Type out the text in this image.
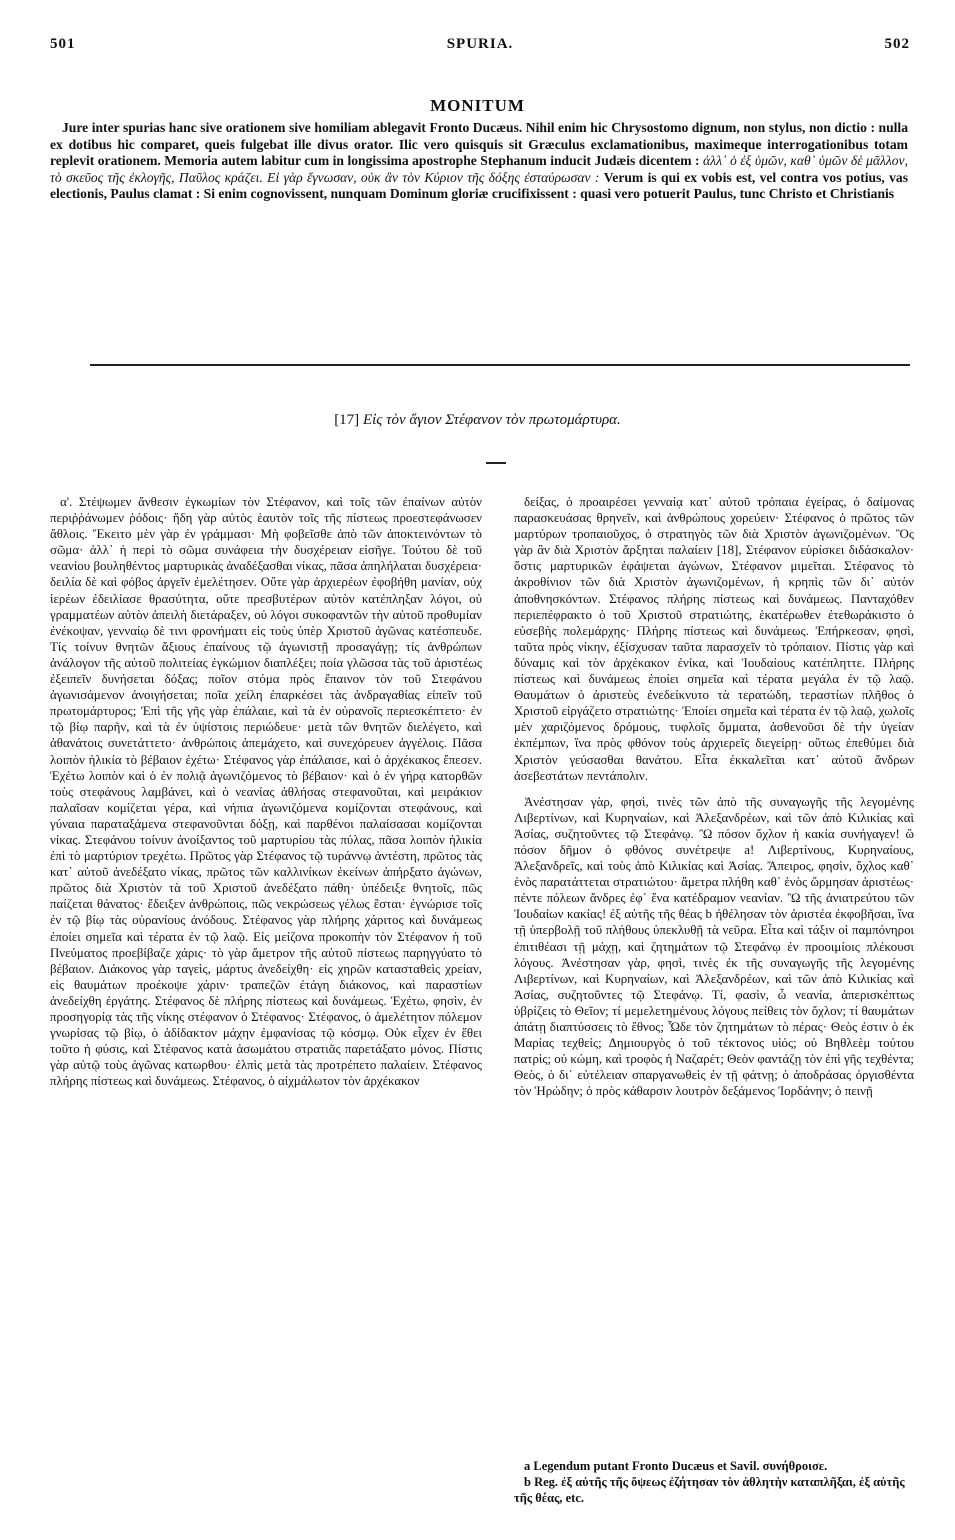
501	SPURIA.	502
MONITUM

Jure inter spurias hanc sive orationem sive homiliam ablegavit Fronto Ducæus. Nihil enim hic Chrysostomo dignum, non stylus, non dictio : nulla ex dotibus hic comparet, queis fulgebat ille divus orator. Ilic vero quisquis sit Græculus exclamationibus, maximeque interrogationibus totam replevit orationem. Memoria autem labitur cum in longissima apostrophe Stephanum inducit Judæis dicentem : ἀλλ᾽ ὁ ἐξ ὑμῶν, καθ᾽ ὑμῶν δὲ μᾶλλον, τὸ σκεῦος τῆς ἐκλογῆς, Παῦλος κράζει. Εἰ γὰρ ἔγνωσαν, οὐκ ἂν τὸν Κύριον τῆς δόξης ἐσταύρωσαν : Verum is qui ex vobis est, vel contra vos potius, vas electionis, Paulus clamat : Si enim cognovissent, nunquam Dominum gloriæ crucifixissent : quasi vero potuerit Paulus, tunc Christo et Christianis

[17] Εἰς τὸν ἅγιον Στέφανον τὸν πρωτομάρτυρα.

α'. Στέψωμεν ἄνθεσιν ἐγκωμίων τὸν Στέφανον, καὶ τοῖς τῶν ἐπαίνων αὐτὸν περιῤῥάνωμεν ῥόδοις· ἤδη γὰρ αὐτὸς ἑαυτὸν τοῖς τῆς πίστεως προεστεφάνωσεν ἄθλοις. Ἔκειτο μὲν γὰρ ἐν γράμμασι· Μὴ φοβεῖσθε ἀπὸ τῶν ἀποκτεινόντων τὸ σῶμα· ἀλλ᾽ ἡ περὶ τὸ σῶμα συνάφεια τὴν δυσχέρειαν εἰσῆγε. Τούτου δὲ τοῦ νεανίου βουληθέντος μαρτυρικὰς ἀναδέξασθαι νίκας, πᾶσα ἀπηλήλαται δυσχέρεια· δειλία δὲ καὶ φόβος ἀργεῖν ἐμελέτησεν. Οὔτε γὰρ ἀρχιερέων ἐφοβήθη μανίαν, οὐχ ἱερέων ἐδειλίασε θρασύτητα, οὔτε πρεσβυτέρων αὐτὸν κατέπληξαν λόγοι, οὐ γραμματέων αὐτὸν ἀπειλὴ διετάραξεν, οὐ λόγοι συκοφαντῶν τὴν αὐτοῦ προθυμίαν ἐνέκοψαν, γενναίῳ δὲ τινι φρονήματι εἰς τοὺς ὑπὲρ Χριστοῦ ἀγῶνας κατέσπευδε. Τίς τοίνυν θνητῶν ἄξιους ἐπαίνους τῷ ἀγωνιστῇ προσαγάγῃ; τίς ἀνθρώπων ἀνάλογον τῆς αὐτοῦ πολιτείας ἐγκώμιον διαπλέξει; ποία γλῶσσα τὰς τοῦ ἀριστέως ἐξειπεῖν δυνήσεται δόξας; ποῖον στόμα πρὸς ἔπαινον τὸν τοῦ Στεφάνου ἀγωνισάμενον ἀνοιγήσεται; ποῖα χείλη ἐπαρκέσει τὰς ἀνδραγαθίας εἰπεῖν τοῦ πρωτομάρτυρος; Ἐπὶ τῆς γῆς γὰρ ἐπάλαιε, καὶ τὰ ἐν οὐρανοῖς περιεσκέπτετο· ἐν τῷ βίῳ παρῆν, καὶ τὰ ἐν ὑψίστοις περιώδευε· μετὰ τῶν θνητῶν διελέγετο, καὶ ἀθανάτοις συνετάττετο· ἀνθρώποις ἀπεμάχετο, καὶ συνεχόρευεν ἀγγέλοις. Πᾶσα λοιπὸν ἡλικία τὸ βέβαιον ἐχέτω· Στέφανος γὰρ ἐπάλαισε, καὶ ὁ ἀρχέκακος ἔπεσεν. Ἐχέτω λοιπὸν καὶ ὁ ἐν πολιᾷ ἀγωνιζόμενος τὸ βέβαιον· καὶ ὁ ἐν γήρᾳ κατορθῶν τοὺς στεφάνους λαμβάνει, καὶ ὁ νεανίας ἀθλήσας στεφανοῦται, καὶ μειράκιον παλαῖσαν κομίζεται γέρα, καὶ νήπια ἀγωνιζόμενα κομίζονται στεφάνους, καὶ γύναια παραταξάμενα στεφανοῦνται δόξῃ, καὶ παρθένοι παλαίσασαι κομίζονται νίκας. Στεφάνου τοίνυν ἀνοίξαντος τοῦ μαρτυρίου τὰς πύλας, πᾶσα λοιπὸν ἡλικία ἐπὶ τὸ μαρτύριον τρεχέτω. Πρῶτος γὰρ Στέφανος τῷ τυράννῳ ἀντέστη, πρῶτος τὰς κατ᾽ αὐτοῦ ἀνεδέξατο νίκας, πρῶτος τῶν καλλινίκων ἐκείνων ἀπήρξατο ἀγώνων, πρῶτος διὰ Χριστὸν τὰ τοῦ Χριστοῦ ἀνεδέξατο πάθη· ὑπέδειξε θνητοῖς, πῶς παίζεται θάνατος· ἔδειξεν ἀνθρώποις, πῶς νεκρώσεως γέλως ἔσται· ἐγνώρισε τοῖς ἐν τῷ βίῳ τὰς οὐρανίους ἀνόδους. Στέφανος γὰρ πλήρης χάριτος καὶ δυνάμεως ἐποίει σημεῖα καὶ τέρατα ἐν τῷ λαῷ. Εἰς μείζονα προκοπὴν τὸν Στέφανον ἡ τοῦ Πνεύματος προεβίβαζε χάρις· τὸ γὰρ ἄμετρον τῆς αὐτοῦ πίστεως παρηγγύατο τὸ βέβαιον. Διάκονος γὰρ ταγεὶς, μάρτυς ἀνεδείχθη· εἰς χηρῶν κατασταθεὶς χρείαν, εἰς θαυμάτων προέκοψε χάριν· τραπεζῶν ἐτάγη διάκονος, καὶ παραστίων ἀνεδείχθη ἐργάτης. Στέφανος δὲ πλήρης πίστεως καὶ δυνάμεως. Ἐχέτω, φησὶν, ἐν προσηγορίᾳ τὰς τῆς νίκης στέφανον ὁ Στέφανος· Στέφανος, ὁ ἀμελέτητον πόλεμον γνωρίσας τῷ βίῳ, ὁ ἀδίδακτον μάχην ἐμφανίσας τῷ κόσμῳ. Οὐκ εἶχεν ἐν ἔθει τοῦτο ἡ φύσις, καὶ Στέφανος κατὰ ἀσωμάτου στρατιᾶς παρετάξατο μόνος. Πίστις γὰρ αὐτῷ τοὺς ἀγῶνας κατωρθου· ἐλπὶς μετὰ τὰς προτρέπετο παλαίειν. Στέφανος πλήρης πίστεως καὶ δυνάμεως. Στέφανος, ὁ αἰχμάλωτον τὸν ἀρχέκακον

δείξας, ὁ προαιρέσει γενναίᾳ κατ᾽ αὐτοῦ τρόπαια ἐγείρας, ὁ δαίμονας παρασκευάσας θρηνεῖν, καὶ ἀνθρώπους χορεύειν· Στέφανος ὁ πρῶτος τῶν μαρτύρων τροπαιοῦχος, ὁ στρατηγὸς τῶν διὰ Χριστὸν ἀγωνιζομένων. Ὃς γὰρ ἂν διὰ Χριστὸν ἄρξηται παλαίειν [18], Στέφανον εὑρίσκει διδάσκαλον· ὅστις μαρτυρικῶν ἐφάψεται ἀγώνων, Στέφανον μιμεῖται. Στέφανος τὸ ἀκροθίνιον τῶν διὰ Χριστὸν ἀγωνιζομένων, ἡ κρηπὶς τῶν δι᾽ αὐτὸν ἀποθνησκόντων. Στέφανος πλήρης πίστεως καὶ δυνάμεως. Πανταχόθεν περιεπέφρακτο ὁ τοῦ Χριστοῦ στρατιώτης, ἑκατέρωθεν ἐτεθωράκιστο ὁ εὐσεβὴς πολεμάρχης· Πλήρης πίστεως καὶ δυνάμεως. Ἐπήρκεσαν, φησὶ, ταῦτα πρὸς νίκην, ἐξίσχυσαν ταῦτα παρασχεῖν τὸ τρόπαιον. Πίστις γὰρ καὶ δύναμις καὶ τὸν ἀρχέκακον ἐνίκα, καὶ Ἰουδαίους κατέπληττε. Πλήρης πίστεως καὶ δυνάμεως ἐποίει σημεῖα καὶ τέρατα μεγάλα ἐν τῷ λαῷ. Θαυμάτων ὁ ἀριστεὺς ἐνεδείκνυτο τὰ τερατώδη, τεραστίων πλῆθος ὁ Χριστοῦ εἰργάζετο στρατιώτης· Ἐποίει σημεῖα καὶ τέρατα ἐν τῷ λαῷ, χωλοῖς μὲν χαριζόμενος δρόμους, τυφλοῖς ὄμματα, ἀσθενοῦσι δὲ τὴν ὑγείαν ἐκπέμπων, ἵνα πρὸς φθόνον τοὺς ἀρχιερεῖς διεγείρῃ· οὕτως ἐπεθύμει διὰ Χριστὸν γεύσασθαι θανάτου. Εἶτα ἐκκαλεῖται κατ᾽ αὐτοῦ ἄνδρων ἀσεβεστάτων πεντάπολιν.

Ἀνέστησαν γὰρ, φησὶ, τινὲς τῶν ἀπὸ τῆς συναγωγῆς τῆς λεγομένης Λιβερτίνων, καὶ Κυρηναίων, καὶ Ἀλεξανδρέων, καὶ τῶν ἀπὸ Κιλικίας καὶ Ἀσίας, συζητοῦντες τῷ Στεφάνῳ. Ὢ πόσον ὄχλον ἡ κακία συνήγαγεν! ὢ πόσον δῆμον ὁ φθόνος συνέτρεψε a! Λιβερτίνους, Κυρηναίους, Ἀλεξανδρεῖς, καὶ τοὺς ἀπὸ Κιλικίας καὶ Ἀσίας. Ἄπειρος, φησὶν, ὄχλος καθ᾽ ἑνὸς παρατάττεται στρατιώτου· ἄμετρα πλήθη καθ᾽ ἑνὸς ὥρμησαν ἀριστέως· πέντε πόλεων ἄνδρες ἐφ᾽ ἕνα κατέδραμον νεανίαν. Ὢ τῆς ἀνιατρεύτου τῶν Ἰουδαίων κακίας! ἐξ αὐτῆς τῆς θέας b ἠθέλησαν τὸν ἀριστέα ἐκφοβῆσαι, ἵνα τῇ ὑπερβολῇ τοῦ πλήθους ὑπεκλυθῇ τὰ νεῦρα. Εἶτα καὶ τάξιν οἱ παμπόνηροι ἐπιτιθέασι τῇ μάχῃ, καὶ ζητημάτων τῷ Στεφάνῳ ἐν προοιμίοις πλέκουσι λόγους. Ἀνέστησαν γὰρ, φησὶ, τινὲς ἐκ τῆς συναγωγῆς τῆς λεγομένης Λιβερτίνων, καὶ Κυρηναίων, καὶ Ἀλεξανδρέων, καὶ τῶν ἀπὸ Κιλικίας καὶ Ἀσίας, συζητοῦντες τῷ Στεφάνῳ. Τί, φασὶν, ὦ νεανία, ἀπερισκέπτως ὑβρίζεις τὸ Θεῖον; τί μεμελετημένους λόγους πείθεις τὸν ὄχλον; τί θαυμάτων ἀπάτῃ διαπτύσσεις τὸ ἔθνος; Ὧδε τὸν ζητημάτων τὸ πέρας· Θεὸς ἐστιν ὁ ἐκ Μαρίας τεχθείς; Δημιουργὸς ὁ τοῦ τέκτονος υἱός; οὐ Βηθλεὲμ τούτου πατρὶς; οὐ κώμη, καὶ τροφὸς ἡ Ναζαρέτ; Θεὸν φαντάζῃ τὸν ἐπὶ γῆς τεχθέντα; Θεὸς, ὁ δι᾽ εὐτέλειαν σπαργανωθεὶς ἐν τῇ φάτνῃ; ὁ ἀποδράσας ὀργισθέντα τὸν Ἡρώδην; ὁ πρὸς κάθαρσιν λουτρὸν δεξάμενος Ἰορδάνην; ὁ πεινῇ

a Legendum putant Fronto Ducæus et Savil. συνήθροισε.

b Reg. ἐξ αὐτῆς τῆς ὄψεως ἐζήτησαν τὸν ἀθλητὴν καταπλῆξαι, ἐξ αὐτῆς τῆς θέας, etc.
